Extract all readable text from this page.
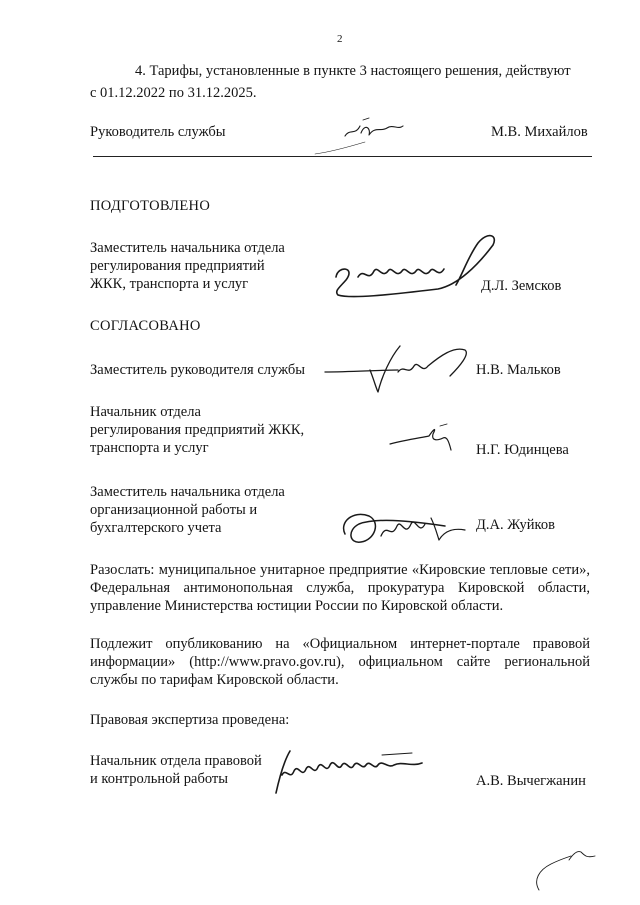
2
4. Тарифы, установленные в пункте 3 настоящего решения, действуют
с 01.12.2022 по 31.12.2025.
Руководитель службы	М.В. Михайлов
ПОДГОТОВЛЕНО
Заместитель начальника отдела
регулирования предприятий
ЖКК, транспорта и услуг	Д.Л. Земсков
СОГЛАСОВАНО
Заместитель руководителя службы	Н.В. Мальков
Начальник отдела
регулирования предприятий ЖКК,
транспорта и услуг	Н.Г. Юдинцева
Заместитель начальника отдела
организационной работы и
бухгалтерского учета	Д.А. Жуйков
Разослать: муниципальное унитарное предприятие «Кировские тепловые сети», Федеральная антимонопольная служба, прокуратура Кировской области, управление Министерства юстиции России по Кировской области.
Подлежит опубликованию на «Официальном интернет-портале правовой информации» (http://www.pravo.gov.ru), официальном сайте региональной службы по тарифам Кировской области.
Правовая экспертиза проведена:
Начальник отдела правовой
и контрольной работы	А.В. Вычегжанин
